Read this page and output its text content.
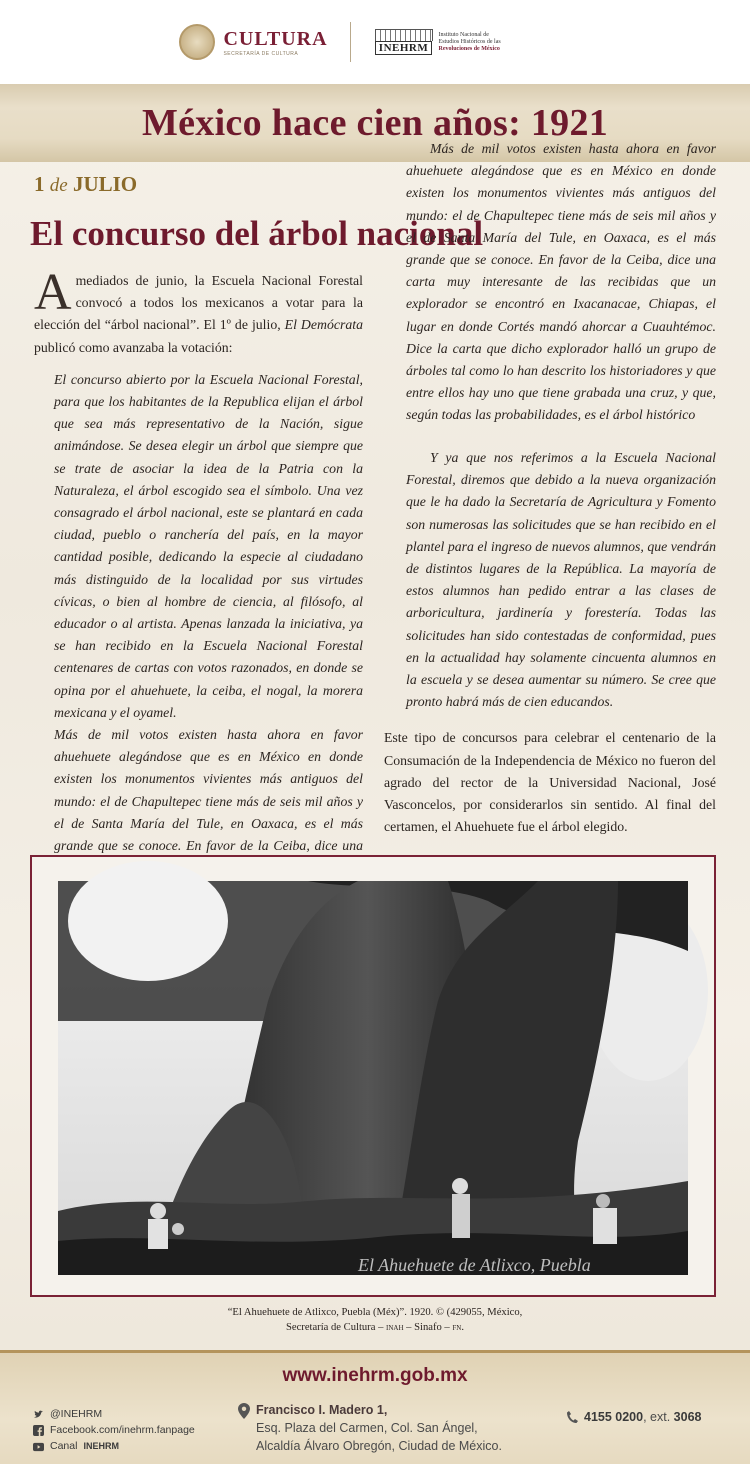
CULTURA
SECRETARÍA DE CULTURA	INEHRM
Instituto Nacional de
Estudios Históricos de las
Revoluciones de México
México hace cien años: 1921
1 de JULIO
El concurso del árbol nacional

Amediados de junio, la Escuela Nacional Forestal convocó a todos los mexicanos a votar para la elección del “árbol nacional”. El 1º de julio, El Demócrata publicó como avanzaba la votación:

El concurso abierto por la Escuela Nacional Forestal, para que los habitantes de la Republica elijan el árbol que sea más representativo de la Nación, sigue animándose. Se desea elegir un árbol que siempre que se trate de asociar la idea de la Patria con la Naturaleza, el árbol escogido sea el símbolo. Una vez consagrado el árbol nacional, este se plantará en cada ciudad, pueblo o ranchería del país, en la mayor cantidad posible, dedicando la especie al ciudadano más distinguido de la localidad por sus virtudes cívicas, o bien al hombre de ciencia, al filósofo, al educador o al artista. Apenas lanzada la iniciativa, ya se han recibido en la Escuela Nacional Forestal centenares de cartas con votos razonados, en donde se opina por el ahuehuete, la ceiba, el nogal, la morera mexicana y el oyamel.

Más de mil votos existen hasta ahora en favor ahuehuete alegándose que es en México en donde existen los monumentos vivientes más antiguos del mundo: el de Chapultepec tiene más de seis mil años y el de Santa María del Tule, en Oaxaca, es el más grande que se conoce. En favor de la Ceiba, dice una

Más de mil votos existen hasta ahora en favor ahuehuete alegándose que es en México en donde existen los monumentos vivientes más antiguos del mundo: el de Chapultepec tiene más de seis mil años y el de Santa María del Tule, en Oaxaca, es el más grande que se conoce. En favor de la Ceiba, dice una carta muy interesante de las recibidas que un explorador se encontró en Ixacanacae, Chiapas, el lugar en donde Cortés mandó ahorcar a Cuauhtémoc. Dice la carta que dicho explorador halló un grupo de árboles tal como lo han descrito los historiadores y que entre ellos hay uno que tiene grabada una cruz, y que, según todas las probabilidades, es el árbol histórico

Y ya que nos referimos a la Escuela Nacional Forestal, diremos que debido a la nueva organización que le ha dado la Secretaría de Agricultura y Fomento son numerosas las solicitudes que se han recibido en el plantel para el ingreso de nuevos alumnos, que vendrán de distintos lugares de la República. La mayoría de estos alumnos han pedido entrar a las clases de arboricultura, jardinería y forestería. Todas las solicitudes han sido contestadas de conformidad, pues en la actualidad hay solamente cincuenta alumnos en la escuela y se desea aumentar su número. Se cree que pronto habrá más de cien educandos.

Este tipo de concursos para celebrar el centenario de la Consumación de la Independencia de México no fueron del agrado del rector de la Universidad Nacional, José Vasconcelos, por considerarlos sin sentido. Al final del certamen, el Ahuehuete fue el árbol elegido.

El Ahuehuete de Atlixco, Puebla
“El Ahuehuete de Atlixco, Puebla (Méx)”. 1920. © (429055, México,
Secretaría de Cultura – inah – Sinafo – fn.
www.inehrm.gob.mx
@INEHRM
Facebook.com/inehrm.fanpage
Canal INEHRM
Francisco I. Madero 1,
Esq. Plaza del Carmen, Col. San Ángel,
Alcaldía Álvaro Obregón, Ciudad de México.
4155 0200, ext. 3068
